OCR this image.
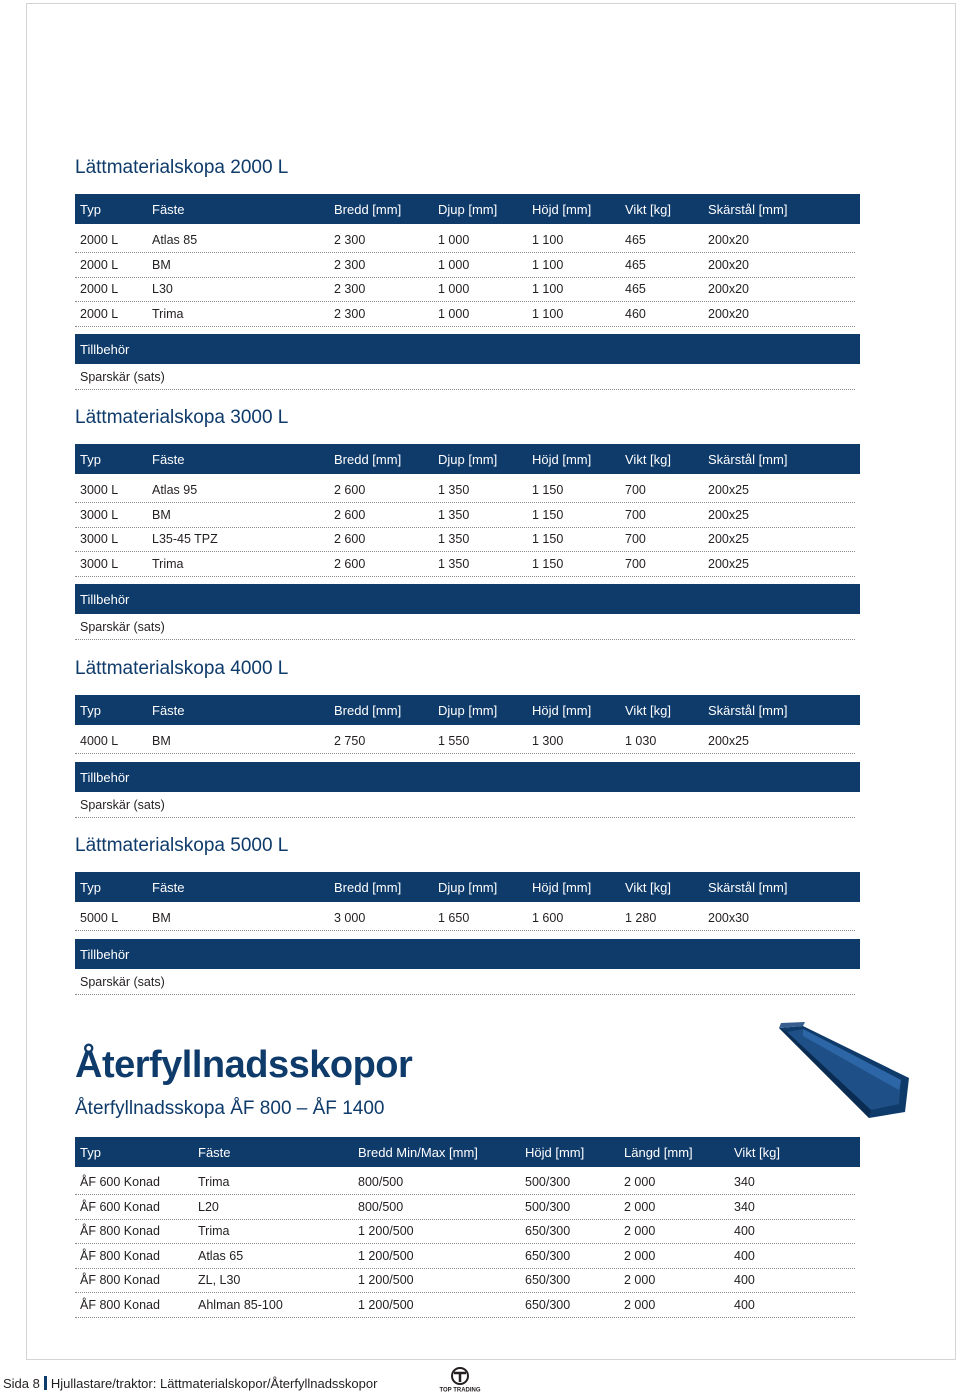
Återfyllnadsskopor
Lättmaterialskopa 2000 L
Typ	Fäste	Bredd [mm]	Djup [mm]	Höjd [mm]	Vikt [kg]	Skärstål [mm]
2000 L	Atlas 85	2 300	1 000	1 100	465	200x20
2000 L	BM	2 300	1 000	1 100	465	200x20
2000 L	L30	2 300	1 000	1 100	465	200x20
2000 L	Trima	2 300	1 000	1 100	460	200x20
Tillbehör
Sparskär (sats)
Lättmaterialskopa 3000 L
Typ	Fäste	Bredd [mm]	Djup [mm]	Höjd [mm]	Vikt [kg]	Skärstål [mm]
3000 L	Atlas 95	2 600	1 350	1 150	700	200x25
3000 L	BM	2 600	1 350	1 150	700	200x25
3000 L	L35-45 TPZ	2 600	1 350	1 150	700	200x25
3000 L	Trima	2 600	1 350	1 150	700	200x25
Tillbehör
Sparskär (sats)
Lättmaterialskopa 4000 L
Typ	Fäste	Bredd [mm]	Djup [mm]	Höjd [mm]	Vikt [kg]	Skärstål [mm]
4000 L	BM	2 750	1 550	1 300	1 030	200x25
Tillbehör
Sparskär (sats)
Lättmaterialskopa 5000 L
Typ	Fäste	Bredd [mm]	Djup [mm]	Höjd [mm]	Vikt [kg]	Skärstål [mm]
5000 L	BM	3 000	1 650	1 600	1 280	200x30
Tillbehör
Sparskär (sats)
Återfyllnadsskopa ÅF 800 – ÅF 1400
Typ	Fäste	Bredd Min/Max [mm]	Höjd [mm]	Längd [mm]	Vikt [kg]
ÅF 600 Konad	Trima	800/500	500/300	2 000	340
ÅF 600 Konad	L20	800/500	500/300	2 000	340
ÅF 800 Konad	Trima	1 200/500	650/300	2 000	400
ÅF 800 Konad	Atlas 65	1 200/500	650/300	2 000	400
ÅF 800 Konad	ZL, L30	1 200/500	650/300	2 000	400
ÅF 800 Konad	Ahlman 85-100	1 200/500	650/300	2 000	400
Sida 8 Hjullastare/traktor: Lättmaterialskopor/Återfyllnadsskopor	TOP TRADING
